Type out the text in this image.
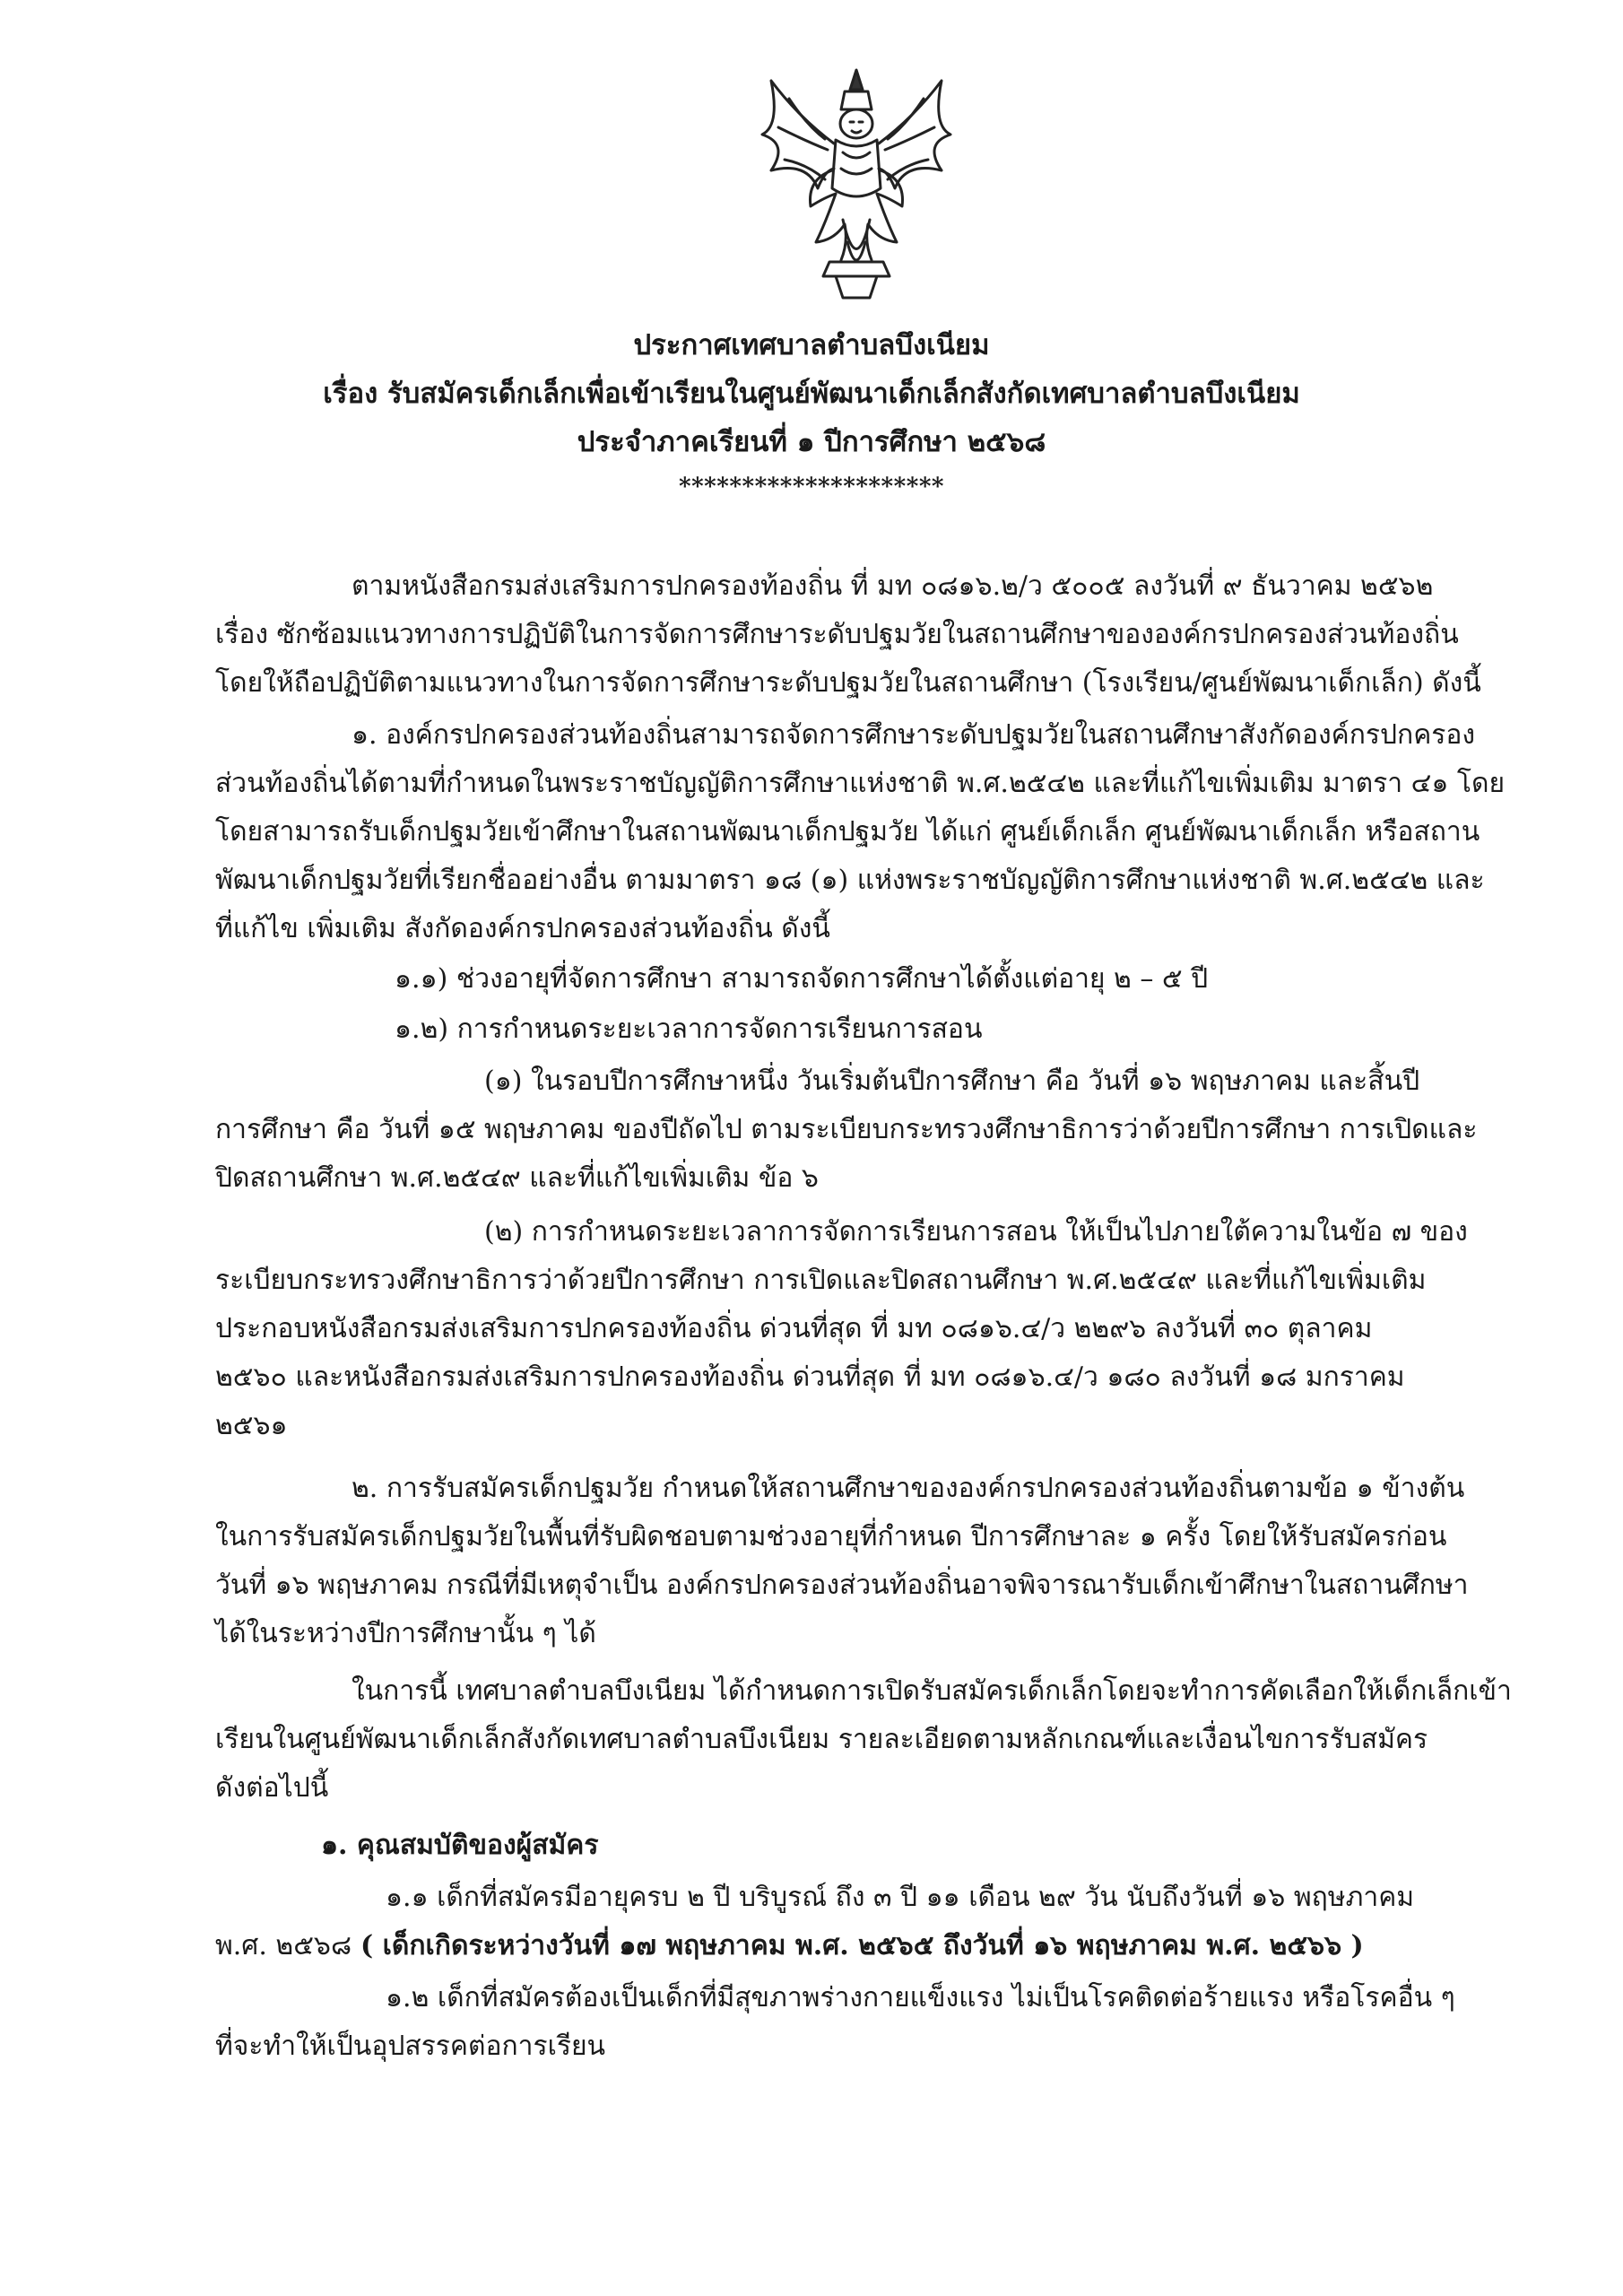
ประกาศเทศบาลตำบลบึงเนียม
เรื่อง รับสมัครเด็กเล็กเพื่อเข้าเรียนในศูนย์พัฒนาเด็กเล็กสังกัดเทศบาลตำบลบึงเนียม
ประจำภาคเรียนที่ ๑ ปีการศึกษา ๒๕๖๘
*********************
ตามหนังสือกรมส่งเสริมการปกครองท้องถิ่น ที่ มท ๐๘๑๖.๒/ว ๕๐๐๕ ลงวันที่ ๙ ธันวาคม ๒๕๖๒
เรื่อง ซักซ้อมแนวทางการปฏิบัติในการจัดการศึกษาระดับปฐมวัยในสถานศึกษาขององค์กรปกครองส่วนท้องถิ่น
โดยให้ถือปฏิบัติตามแนวทางในการจัดการศึกษาระดับปฐมวัยในสถานศึกษา (โรงเรียน/ศูนย์พัฒนาเด็กเล็ก) ดังนี้
๑. องค์กรปกครองส่วนท้องถิ่นสามารถจัดการศึกษาระดับปฐมวัยในสถานศึกษาสังกัดองค์กรปกครอง
ส่วนท้องถิ่นได้ตามที่กำหนดในพระราชบัญญัติการศึกษาแห่งชาติ พ.ศ.๒๕๔๒ และที่แก้ไขเพิ่มเติม มาตรา ๔๑ โดย
โดยสามารถรับเด็กปฐมวัยเข้าศึกษาในสถานพัฒนาเด็กปฐมวัย ได้แก่ ศูนย์เด็กเล็ก ศูนย์พัฒนาเด็กเล็ก หรือสถาน
พัฒนาเด็กปฐมวัยที่เรียกชื่ออย่างอื่น ตามมาตรา ๑๘ (๑) แห่งพระราชบัญญัติการศึกษาแห่งชาติ พ.ศ.๒๕๔๒ และ
ที่แก้ไข เพิ่มเติม สังกัดองค์กรปกครองส่วนท้องถิ่น ดังนี้
๑.๑) ช่วงอายุที่จัดการศึกษา สามารถจัดการศึกษาได้ตั้งแต่อายุ ๒ – ๕ ปี
๑.๒) การกำหนดระยะเวลาการจัดการเรียนการสอน
(๑) ในรอบปีการศึกษาหนึ่ง วันเริ่มต้นปีการศึกษา คือ วันที่ ๑๖ พฤษภาคม และสิ้นปี
การศึกษา คือ วันที่ ๑๕ พฤษภาคม ของปีถัดไป ตามระเบียบกระทรวงศึกษาธิการว่าด้วยปีการศึกษา การเปิดและ
ปิดสถานศึกษา พ.ศ.๒๕๔๙ และที่แก้ไขเพิ่มเติม ข้อ ๖
(๒) การกำหนดระยะเวลาการจัดการเรียนการสอน ให้เป็นไปภายใต้ความในข้อ ๗ ของ
ระเบียบกระทรวงศึกษาธิการว่าด้วยปีการศึกษา การเปิดและปิดสถานศึกษา พ.ศ.๒๕๔๙ และที่แก้ไขเพิ่มเติม
ประกอบหนังสือกรมส่งเสริมการปกครองท้องถิ่น ด่วนที่สุด ที่ มท ๐๘๑๖.๔/ว ๒๒๙๖ ลงวันที่ ๓๐ ตุลาคม
๒๕๖๐ และหนังสือกรมส่งเสริมการปกครองท้องถิ่น ด่วนที่สุด ที่ มท ๐๘๑๖.๔/ว ๑๘๐ ลงวันที่ ๑๘ มกราคม
๒๕๖๑
๒. การรับสมัครเด็กปฐมวัย กำหนดให้สถานศึกษาขององค์กรปกครองส่วนท้องถิ่นตามข้อ ๑ ข้างต้น
ในการรับสมัครเด็กปฐมวัยในพื้นที่รับผิดชอบตามช่วงอายุที่กำหนด ปีการศึกษาละ ๑ ครั้ง โดยให้รับสมัครก่อน
วันที่ ๑๖ พฤษภาคม กรณีที่มีเหตุจำเป็น องค์กรปกครองส่วนท้องถิ่นอาจพิจารณารับเด็กเข้าศึกษาในสถานศึกษา
ได้ในระหว่างปีการศึกษานั้น ๆ ได้
ในการนี้ เทศบาลตำบลบึงเนียม ได้กำหนดการเปิดรับสมัครเด็กเล็กโดยจะทำการคัดเลือกให้เด็กเล็กเข้า
เรียนในศูนย์พัฒนาเด็กเล็กสังกัดเทศบาลตำบลบึงเนียม รายละเอียดตามหลักเกณฑ์และเงื่อนไขการรับสมัคร
ดังต่อไปนี้
๑. คุณสมบัติของผู้สมัคร
๑.๑ เด็กที่สมัครมีอายุครบ ๒ ปี บริบูรณ์ ถึง ๓ ปี ๑๑ เดือน ๒๙ วัน นับถึงวันที่ ๑๖ พฤษภาคม
พ.ศ. ๒๕๖๘ ( เด็กเกิดระหว่างวันที่ ๑๗ พฤษภาคม พ.ศ. ๒๕๖๕ ถึงวันที่ ๑๖ พฤษภาคม พ.ศ. ๒๕๖๖ )
๑.๒ เด็กที่สมัครต้องเป็นเด็กที่มีสุขภาพร่างกายแข็งแรง ไม่เป็นโรคติดต่อร้ายแรง หรือโรคอื่น ๆ
ที่จะทำให้เป็นอุปสรรคต่อการเรียน
